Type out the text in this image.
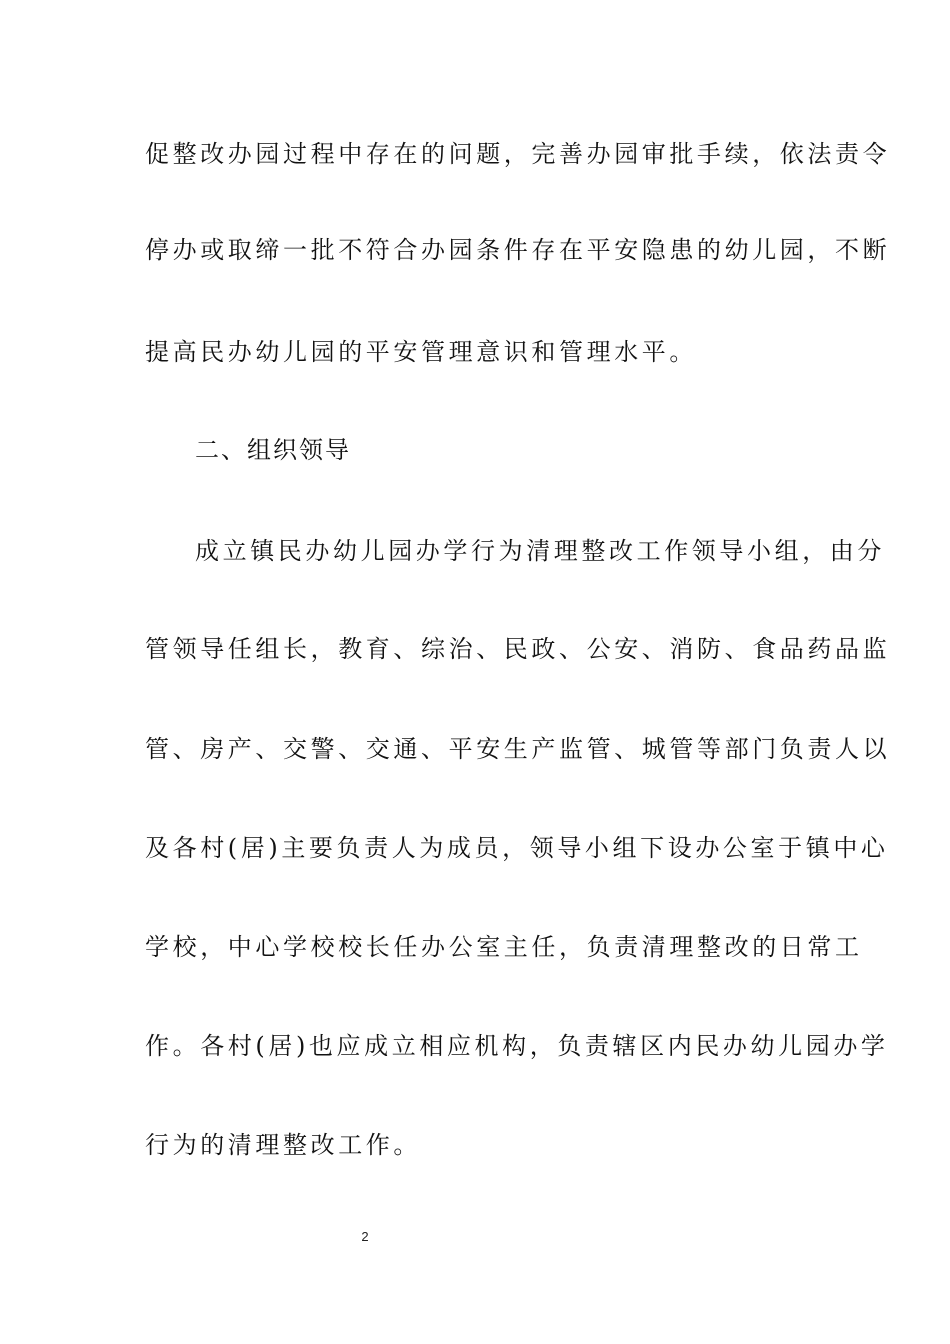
促整改办园过程中存在的问题，完善办园审批手续，依法责令
停办或取缔一批不符合办园条件存在平安隐患的幼儿园，不断
提高民办幼儿园的平安管理意识和管理水平。
二、组织领导
成立镇民办幼儿园办学行为清理整改工作领导小组，由分
管领导任组长，教育、综治、民政、公安、消防、食品药品监
管、房产、交警、交通、平安生产监管、城管等部门负责人以
及各村(居)主要负责人为成员，领导小组下设办公室于镇中心
学校，中心学校校长任办公室主任，负责清理整改的日常工
作。各村(居)也应成立相应机构，负责辖区内民办幼儿园办学
行为的清理整改工作。
2
